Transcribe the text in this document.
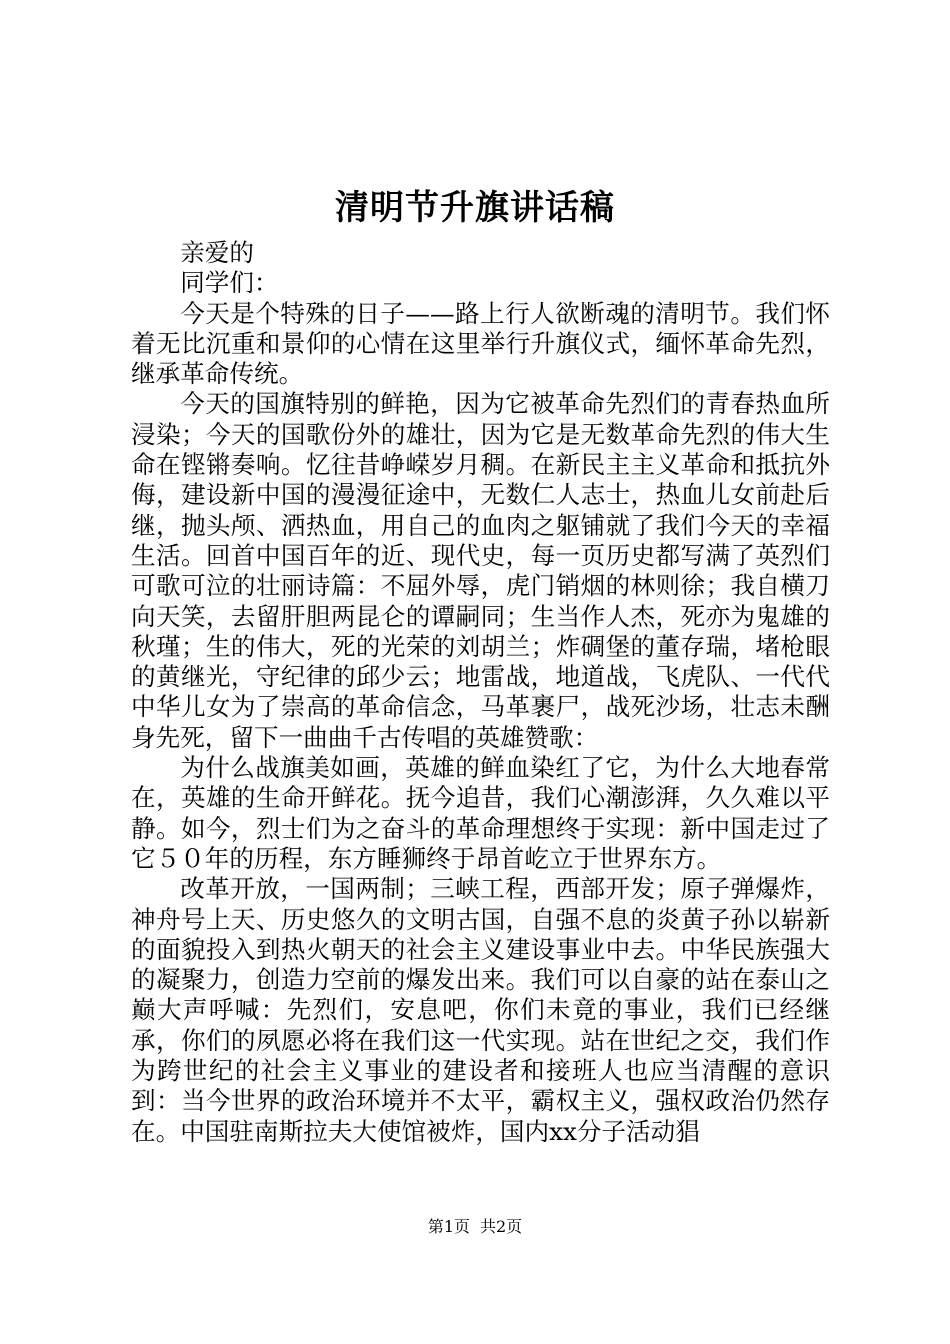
清明节升旗讲话稿

亲爱的

同学们：

今天是个特殊的日子——路上行人欲断魂的清明节。我们怀着无比沉重和景仰的心情在这里举行升旗仪式，缅怀革命先烈，继承革命传统。

今天的国旗特别的鲜艳，因为它被革命先烈们的青春热血所浸染；今天的国歌份外的雄壮，因为它是无数革命先烈的伟大生命在铿锵奏响。忆往昔峥嵘岁月稠。在新民主主义革命和抵抗外侮，建设新中国的漫漫征途中，无数仁人志士，热血儿女前赴后继，抛头颅、洒热血，用自己的血肉之躯铺就了我们今天的幸福生活。回首中国百年的近、现代史，每一页历史都写满了英烈们可歌可泣的壮丽诗篇：不屈外辱，虎门销烟的林则徐；我自横刀向天笑，去留肝胆两昆仑的谭嗣同；生当作人杰，死亦为鬼雄的秋瑾；生的伟大，死的光荣的刘胡兰；炸碉堡的董存瑞，堵枪眼的黄继光，守纪律的邱少云；地雷战，地道战，飞虎队、一代代中华儿女为了崇高的革命信念，马革裹尸，战死沙场，壮志未酬身先死，留下一曲曲千古传唱的英雄赞歌：

为什么战旗美如画，英雄的鲜血染红了它，为什么大地春常在，英雄的生命开鲜花。抚今追昔，我们心潮澎湃，久久难以平静。如今，烈士们为之奋斗的革命理想终于实现：新中国走过了它５０年的历程，东方睡狮终于昂首屹立于世界东方。

改革开放，一国两制；三峡工程，西部开发；原子弹爆炸，神舟号上天、历史悠久的文明古国，自强不息的炎黄子孙以崭新的面貌投入到热火朝天的社会主义建设事业中去。中华民族强大的凝聚力，创造力空前的爆发出来。我们可以自豪的站在泰山之巅大声呼喊：先烈们，安息吧，你们未竟的事业，我们已经继承，你们的夙愿必将在我们这一代实现。站在世纪之交，我们作为跨世纪的社会主义事业的建设者和接班人也应当清醒的意识到：当今世界的政治环境并不太平，霸权主义，强权政治仍然存在。中国驻南斯拉夫大使馆被炸，国内xx分子活动猖

第1页 共2页
